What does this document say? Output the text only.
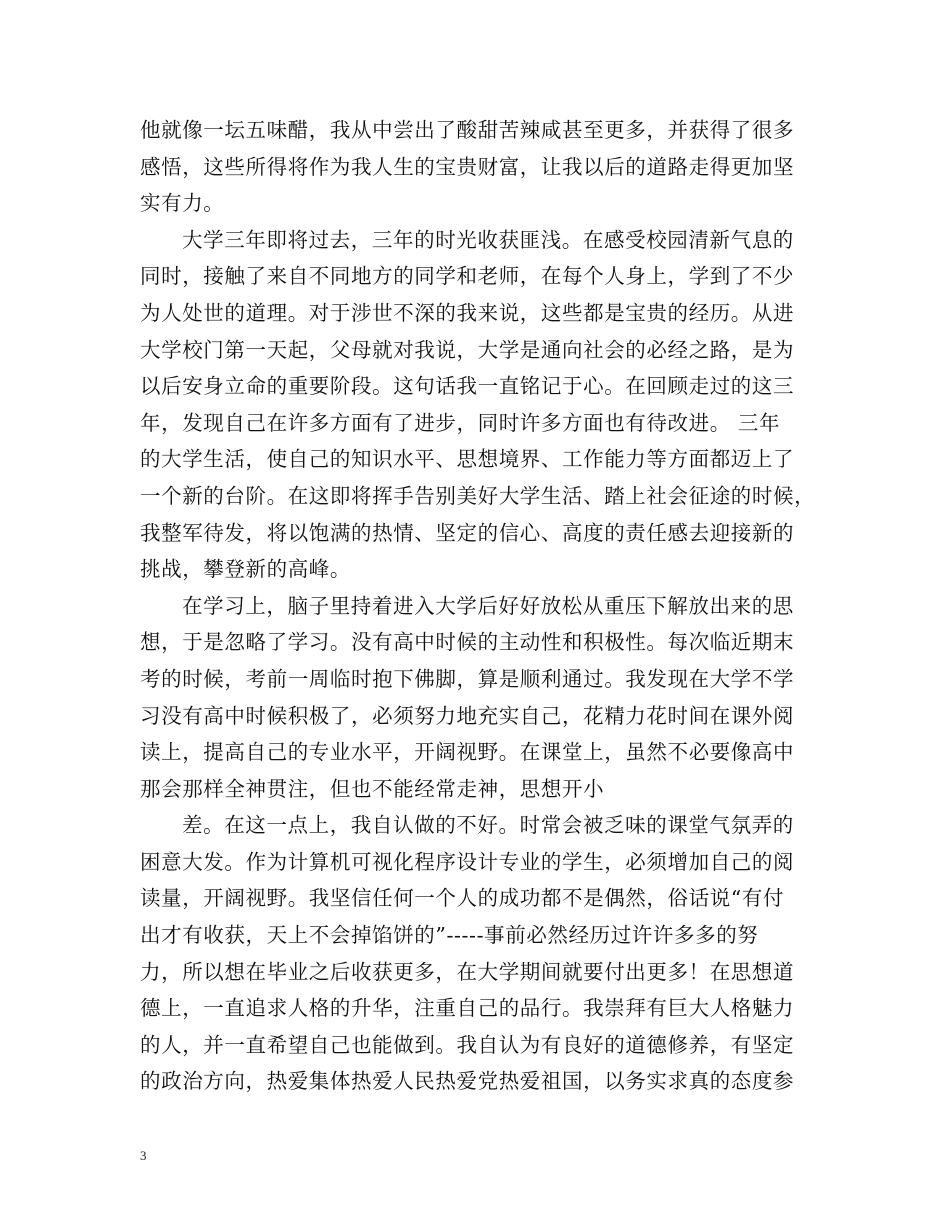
他就像一坛五味醋，我从中尝出了酸甜苦辣咸甚至更多，并获得了很多
感悟，这些所得将作为我人生的宝贵财富，让我以后的道路走得更加坚
实有力。
大学三年即将过去，三年的时光收获匪浅。在感受校园清新气息的
同时，接触了来自不同地方的同学和老师，在每个人身上，学到了不少
为人处世的道理。对于涉世不深的我来说，这些都是宝贵的经历。从进
大学校门第一天起，父母就对我说，大学是通向社会的必经之路，是为
以后安身立命的重要阶段。这句话我一直铭记于心。在回顾走过的这三
年，发现自己在许多方面有了进步，同时许多方面也有待改进。 三年
的大学生活，使自己的知识水平、思想境界、工作能力等方面都迈上了
一个新的台阶。在这即将挥手告别美好大学生活、踏上社会征途的时候，
我整军待发，将以饱满的热情、坚定的信心、高度的责任感去迎接新的
挑战，攀登新的高峰。
在学习上，脑子里持着进入大学后好好放松从重压下解放出来的思
想，于是忽略了学习。没有高中时候的主动性和积极性。每次临近期末
考的时候，考前一周临时抱下佛脚，算是顺利通过。我发现在大学不学
习没有高中时候积极了，必须努力地充实自己，花精力花时间在课外阅
读上，提高自己的专业水平，开阔视野。在课堂上，虽然不必要像高中
那会那样全神贯注，但也不能经常走神，思想开小
差。在这一点上，我自认做的不好。时常会被乏味的课堂气氛弄的
困意大发。作为计算机可视化程序设计专业的学生，必须增加自己的阅
读量，开阔视野。我坚信任何一个人的成功都不是偶然，俗话说“有付
出才有收获，天上不会掉馅饼的”-----事前必然经历过许许多多的努
力，所以想在毕业之后收获更多，在大学期间就要付出更多！在思想道
德上，一直追求人格的升华，注重自己的品行。我崇拜有巨大人格魅力
的人，并一直希望自己也能做到。我自认为有良好的道德修养，有坚定
的政治方向，热爱集体热爱人民热爱党热爱祖国，以务实求真的态度参
3
